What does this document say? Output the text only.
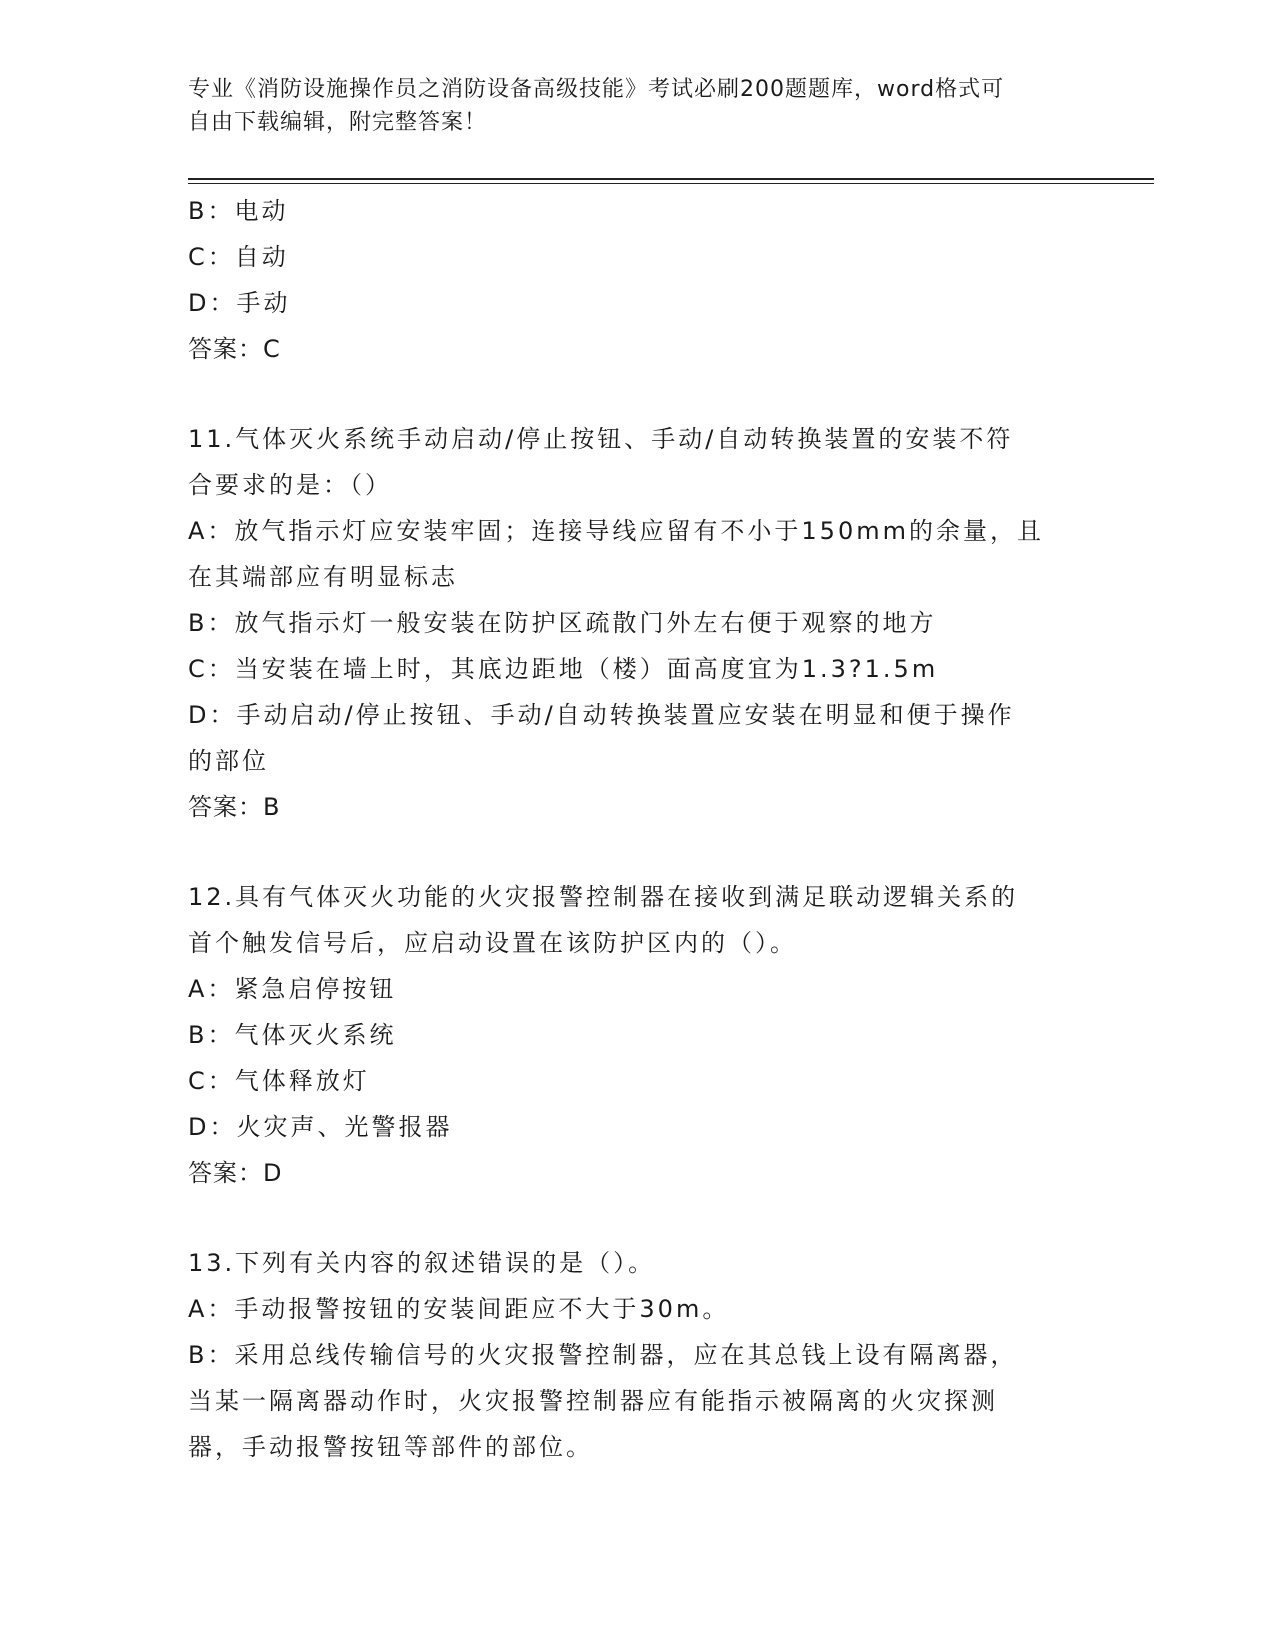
专业《消防设施操作员之消防设备高级技能》考试必刷200题题库，word格式可
自由下载编辑，附完整答案！
B：电动
C：自动
D：手动
答案：C
11.气体灭火系统手动启动/停止按钮、手动/自动转换装置的安装不符
合要求的是：（）
A：放气指示灯应安装牢固；连接导线应留有不小于150mm的余量，且
在其端部应有明显标志
B：放气指示灯一般安装在防护区疏散门外左右便于观察的地方
C：当安装在墙上时，其底边距地（楼）面高度宜为1.3?1.5m
D：手动启动/停止按钮、手动/自动转换装置应安装在明显和便于操作
的部位
答案：B
12.具有气体灭火功能的火灾报警控制器在接收到满足联动逻辑关系的
首个触发信号后，应启动设置在该防护区内的（）。
A：紧急启停按钮
B：气体灭火系统
C：气体释放灯
D：火灾声、光警报器
答案：D
13.下列有关内容的叙述错误的是（）。
A：手动报警按钮的安装间距应不大于30m。
B：采用总线传输信号的火灾报警控制器，应在其总钱上设有隔离器，
当某一隔离器动作时，火灾报警控制器应有能指示被隔离的火灾探测
器，手动报警按钮等部件的部位。
